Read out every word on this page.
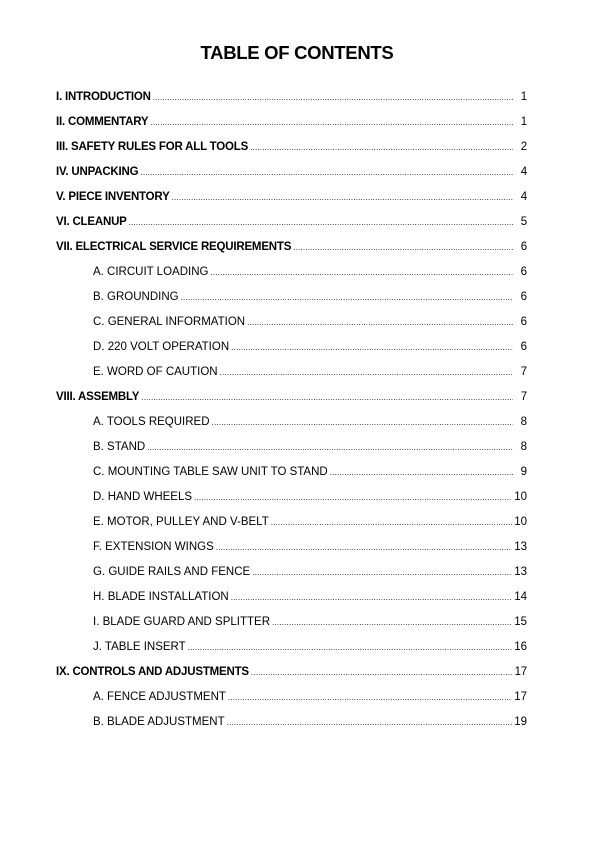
TABLE OF CONTENTS
I. INTRODUCTION .....	1
II. COMMENTARY .....	1
III. SAFETY RULES FOR ALL TOOLS .....	2
IV. UNPACKING .....	4
V. PIECE INVENTORY .....	4
VI. CLEANUP .....	5
VII. ELECTRICAL SERVICE REQUIREMENTS .....	6
A. CIRCUIT LOADING .....	6
B. GROUNDING .....	6
C. GENERAL INFORMATION .....	6
D. 220 VOLT OPERATION .....	6
E. WORD OF CAUTION .....	7
VIII. ASSEMBLY .....	7
A. TOOLS REQUIRED .....	8
B. STAND .....	8
C. MOUNTING TABLE SAW UNIT TO STAND .....	9
D. HAND WHEELS .....	10
E. MOTOR, PULLEY AND V-BELT .....	10
F. EXTENSION WINGS .....	13
G. GUIDE RAILS AND FENCE .....	13
H. BLADE INSTALLATION .....	14
I. BLADE GUARD AND SPLITTER .....	15
J. TABLE INSERT .....	16
IX. CONTROLS AND ADJUSTMENTS .....	17
A. FENCE ADJUSTMENT .....	17
B. BLADE ADJUSTMENT .....	19
